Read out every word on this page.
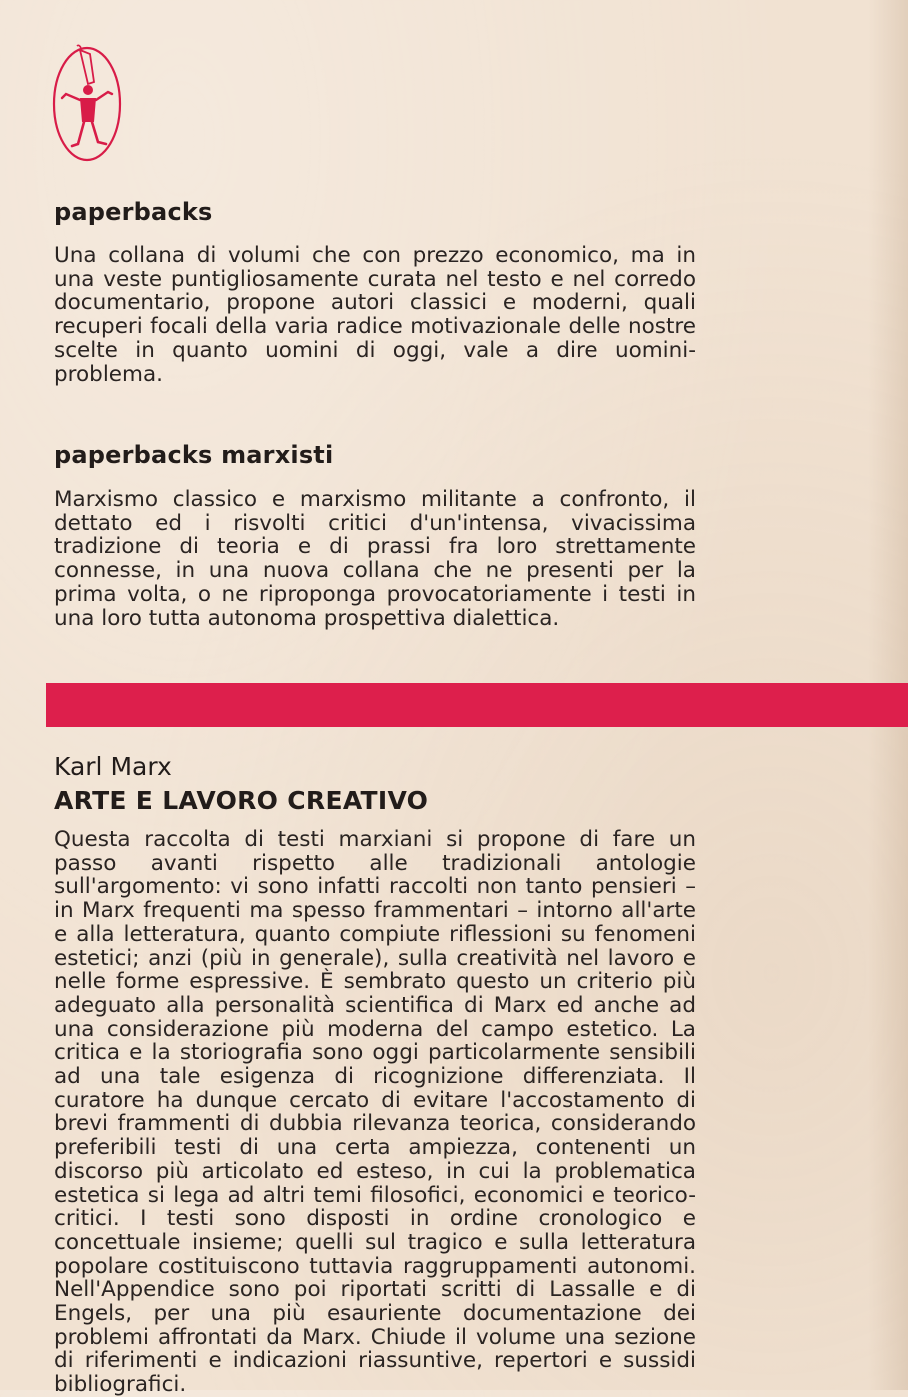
paperbacks

Una collana di volumi che con prezzo economico, ma in una veste puntigliosamente curata nel testo e nel corredo documentario, propone autori classici e moderni, quali recuperi focali della varia radice motivazionale delle nostre scelte in quanto uomini di oggi, vale a dire uomini-problema.

paperbacks marxisti

Marxismo classico e marxismo militante a confronto, il dettato ed i risvolti critici d'un'intensa, vivacissima tradizione di teoria e di prassi fra loro strettamente connesse, in una nuova collana che ne presenti per la prima volta, o ne riproponga provocatoriamente i testi in una loro tutta autonoma prospettiva dialettica.

Karl Marx
ARTE E LAVORO CREATIVO

Questa raccolta di testi marxiani si propone di fare un passo avanti rispetto alle tradizionali antologie sull'argomento: vi sono infatti raccolti non tanto pensieri – in Marx frequenti ma spesso frammentari – intorno all'arte e alla letteratura, quanto compiute riflessioni su fenomeni estetici; anzi (più in generale), sulla creatività nel lavoro e nelle forme espressive. È sembrato questo un criterio più adeguato alla personalità scientifica di Marx ed anche ad una considerazione più moderna del campo estetico. La critica e la storiografia sono oggi particolarmente sensibili ad una tale esigenza di ricognizione differenziata. Il curatore ha dunque cercato di evitare l'accostamento di brevi frammenti di dubbia rilevanza teorica, considerando preferibili testi di una certa ampiezza, contenenti un discorso più articolato ed esteso, in cui la problematica estetica si lega ad altri temi filosofici, economici e teorico-critici. I testi sono disposti in ordine cronologico e concettuale insieme; quelli sul tragico e sulla letteratura popolare costituiscono tuttavia raggruppamenti autonomi. Nell'Appendice sono poi riportati scritti di Lassalle e di Engels, per una più esauriente documentazione dei problemi affrontati da Marx. Chiude il volume una sezione di riferimenti e indicazioni riassuntive, repertori e sussidi bibliografici.
